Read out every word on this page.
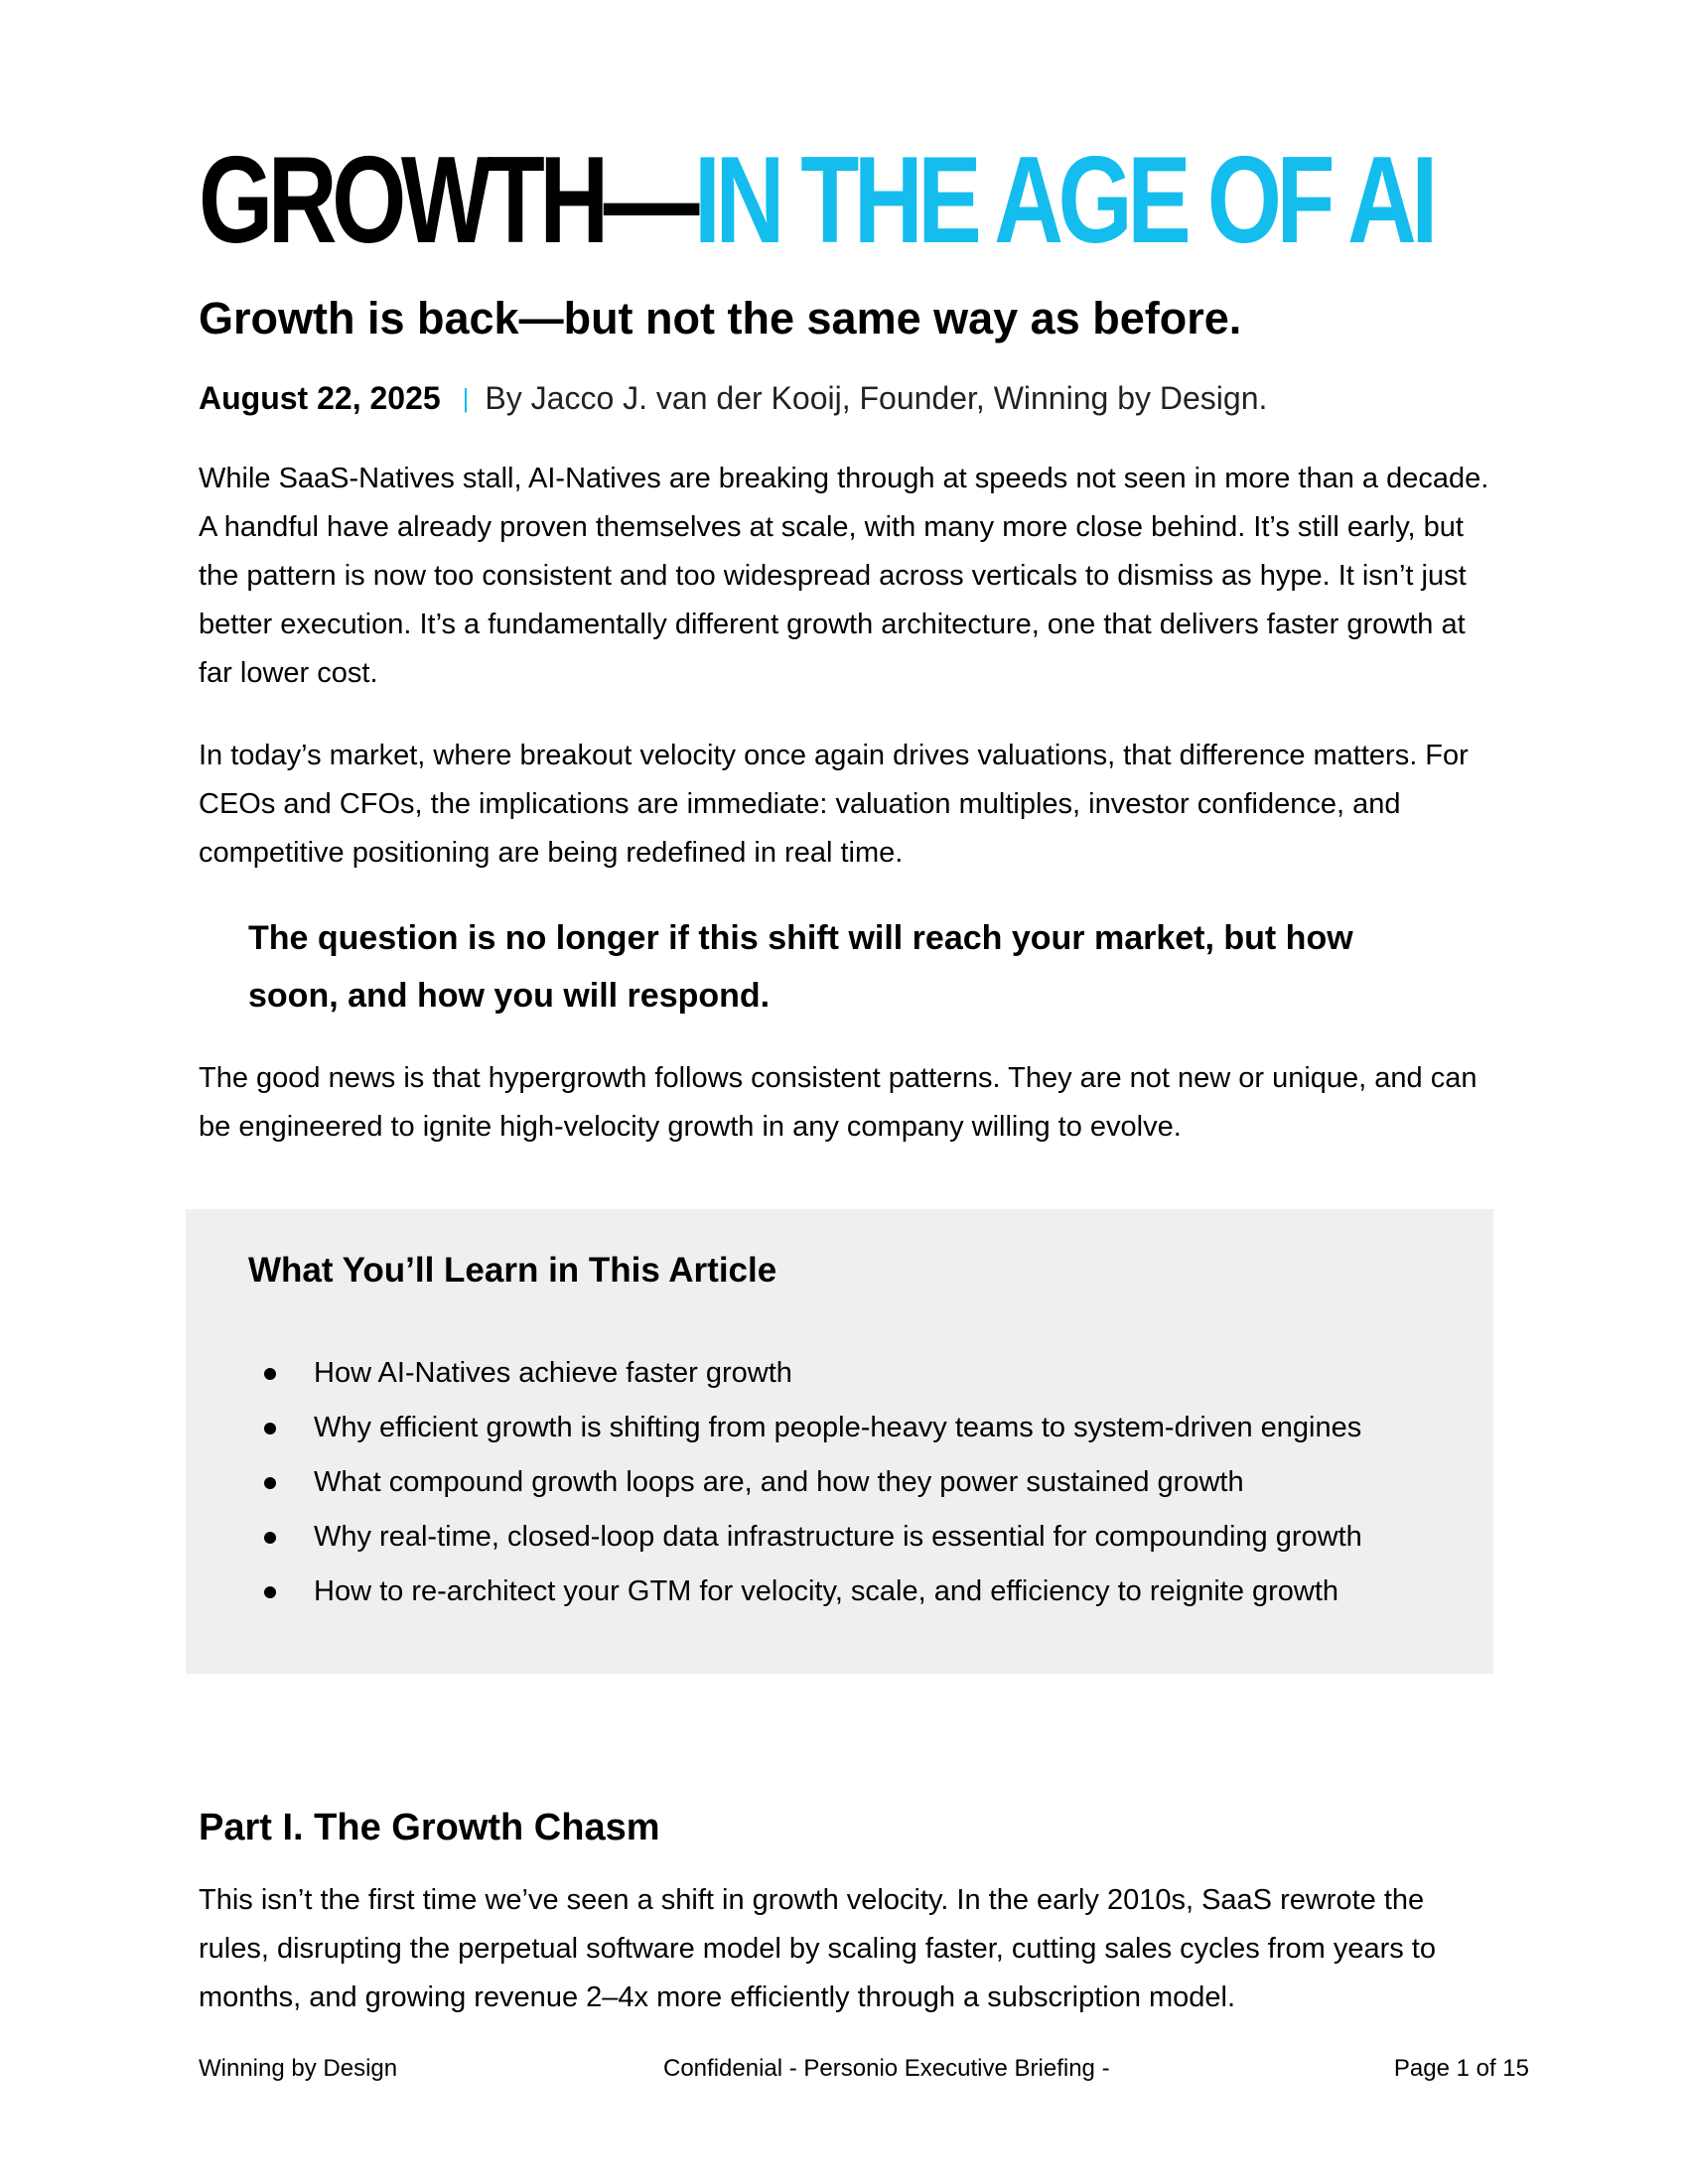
GROWTH—IN THE AGE OF AI
Growth is back—but not the same way as before.
August 22, 2025 | By Jacco J. van der Kooij, Founder, Winning by Design.

While SaaS-Natives stall, AI-Natives are breaking through at speeds not seen in more than a decade. A handful have already proven themselves at scale, with many more close behind. It’s still early, but the pattern is now too consistent and too widespread across verticals to dismiss as hype. It isn’t just better execution. It’s a fundamentally different growth architecture, one that delivers faster growth at far lower cost.

In today’s market, where breakout velocity once again drives valuations, that difference matters. For CEOs and CFOs, the implications are immediate: valuation multiples, investor confidence, and competitive positioning are being redefined in real time.

The question is no longer if this shift will reach your market, but how soon, and how you will respond.

The good news is that hypergrowth follows consistent patterns. They are not new or unique, and can be engineered to ignite high-velocity growth in any company willing to evolve.

What You’ll Learn in This Article
How AI-Natives achieve faster growth
Why efficient growth is shifting from people-heavy teams to system-driven engines
What compound growth loops are, and how they power sustained growth
Why real-time, closed-loop data infrastructure is essential for compounding growth
How to re-architect your GTM for velocity, scale, and efficiency to reignite growth
Part I. The Growth Chasm

This isn’t the first time we’ve seen a shift in growth velocity. In the early 2010s, SaaS rewrote the rules, disrupting the perpetual software model by scaling faster, cutting sales cycles from years to months, and growing revenue 2–4x more efficiently through a subscription model.

Winning by Design	Confidenial - Personio Executive Briefing -	Page 1 of 15
